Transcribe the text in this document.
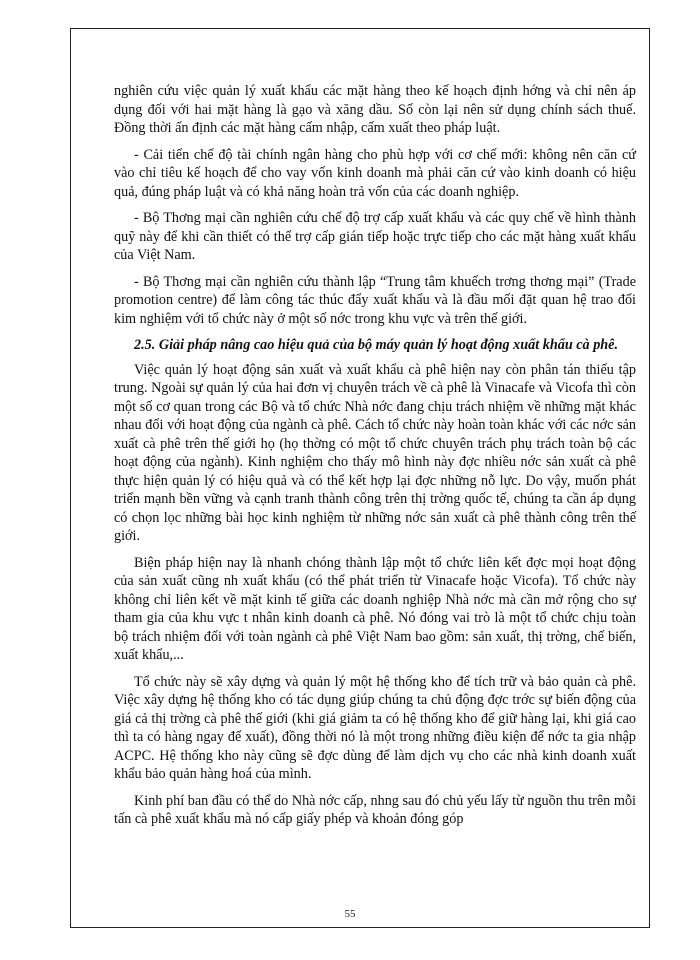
nghiên cứu việc quản lý xuất khẩu các mặt hàng theo kế hoạch định hớng và chỉ nên áp dụng đối với hai mặt hàng là gạo và xăng dầu. Số còn lại nên sử dụng chính sách thuế. Đồng thời ấn định các mặt hàng cấm nhập, cấm xuất theo pháp luật.

- Cải tiến chế độ tài chính ngân hàng cho phù hợp với cơ chế mới: không nên căn cứ vào chỉ tiêu kế hoạch để cho vay vốn kinh doanh mà phải căn cứ vào kinh doanh có hiệu quả, đúng pháp luật và có khả năng hoàn trả vốn của các doanh nghiệp.

- Bộ Thơng mại cần nghiên cứu chế độ trợ cấp xuất khẩu và các quy chế về hình thành quỹ này để khi cần thiết có thể trợ cấp gián tiếp hoặc trực tiếp cho các mặt hàng xuất khẩu của Việt Nam.

- Bộ Thơng mại cần nghiên cứu thành lập “Trung tâm khuếch trơng thơng mại” (Trade promotion centre) để làm công tác thúc đẩy xuất khẩu và là đầu mối đặt quan hệ trao đổi kim nghiệm với tổ chức này ở một số nớc trong khu vực và trên thế giới.

2.5. Giải pháp nâng cao hiệu quả của bộ máy quản lý hoạt động xuất khẩu cà phê.

Việc quản lý hoạt động sản xuất và xuất khẩu cà phê hiện nay còn phân tán thiếu tập trung. Ngoài sự quản lý của hai đơn vị chuyên trách về cà phê là Vinacafe và Vicofa thì còn một số cơ quan trong các Bộ và tổ chức Nhà nớc đang chịu trách nhiệm về những mặt khác nhau đối với hoạt động của ngành cà phê. Cách tổ chức này hoàn toàn khác với các nớc sản xuất cà phê trên thế giới họ (họ thờng có một tổ chức chuyên trách phụ trách toàn bộ các hoạt động của ngành). Kinh nghiệm cho thấy mô hình này đợc nhiều nớc sản xuất cà phê thực hiện quản lý có hiệu quả và có thể kết hợp lại đợc những nỗ lực. Do vậy, muốn phát triển mạnh bền vững và cạnh tranh thành công trên thị trờng quốc tế, chúng ta cần áp dụng có chọn lọc những bài học kinh nghiệm từ những nớc sản xuất cà phê thành công trên thế giới.

Biện pháp hiện nay là nhanh chóng thành lập một tổ chức liên kết đợc mọi hoạt động của sản xuất cũng nh xuất khẩu (có thể phát triển từ Vinacafe hoặc Vicofa). Tổ chức này không chỉ liên kết về mặt kinh tế giữa các doanh nghiệp Nhà nớc mà cần mở rộng cho sự tham gia của khu vực t nhân kinh doanh cà phê. Nó đóng vai trò là một tổ chức chịu toàn bộ trách nhiệm đối với toàn ngành cà phê Việt Nam bao gồm: sản xuất, thị trờng, chế biến, xuất khẩu,...

Tổ chức này sẽ xây dựng và quản lý một hệ thống kho để tích trữ và bảo quản cà phê. Việc xây dựng hệ thống kho có tác dụng giúp chúng ta chủ động đợc trớc sự biến động của giá cả thị trờng cà phê thế giới (khi giá giảm ta có hệ thống kho để giữ hàng lại, khi giá cao thì ta có hàng ngay để xuất), đồng thời nó là một trong những điều kiện để nớc ta gia nhập ACPC. Hệ thống kho này cũng sẽ đợc dùng để làm dịch vụ cho các nhà kinh doanh xuất khẩu bảo quản hàng hoá của mình.

Kinh phí ban đầu có thể do Nhà nớc cấp, nhng sau đó chủ yếu lấy từ nguồn thu trên mỗi tấn cà phê xuất khẩu mà nó cấp giấy phép và khoản đóng góp

55
